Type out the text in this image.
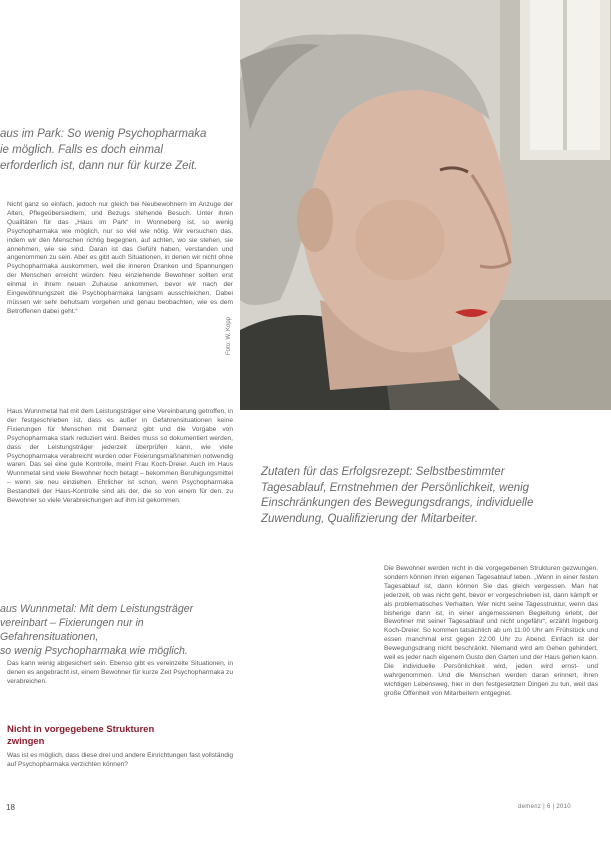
Foto: W. Kopp
aus im Park: So wenig Psychopharmaka
ie möglich. Falls es doch einmal
erforderlich ist, dann nur für kurze Zeit.
Nicht ganz so einfach, jedoch nur gleich bei Neubewohnern im Anzuge der Alten, Pflegeübersiedlern, und Bezugs stehende Besuch. Unter ihren Qualitäten für das „Haus im Park“ in Wonneberg ist, so wenig Psychopharmaka wie möglich, nur so viel wie nötig. Wir versuchen das, indem wir den Menschen richtig begegnen, auf achten, wo sie stehen, sie annehmen, wie sie sind. Daran ist das Gefühl haben, verstanden und angenommen zu sein. Aber es gibt auch Situationen, in denen wir nicht ohne Psychopharmaka auskommen, weil die inneren Dranken und Spannungen der Menschen erreicht würden. Neu einziehende Bewohner sollten erst einmal in ihrem neuen Zuhause ankommen, bevor wir nach der Eingewöhnungszeit die Psychopharmaka langsam ausschleichen. Dabei müssen wir sehr behutsam vorgehen und genau beobachten, wie es dem Betroffenen dabei geht.“
Haus Wunnmetal hat mit dem Leistungsträger eine Vereinbarung getroffen, in der festgeschrieben ist, dass es außer in Gefahrensituationen keine Fixierungen für Menschen mit Demenz gibt und die Vorgabe von Psychopharmaka stark reduziert wird. Beides muss so dokumentiert werden, dass der Leistungsträger jederzeit überprüfen kann, wie viele Psychopharmaka verabreicht wurden oder Fixierungsmaßnahmen notwendig waren. Das sei eine gute Kontrolle, meint Frau Koch-Dreier. Auch im Haus Wunnmetal sind viele Bewohner hoch betagt – bekommen Beruhigungsmittel – wenn sie neu einziehen. Ehrlicher ist schon, wenn Psychopharmaka Bestandteil der Haus-Kontrolle sind als der, die so von einem für den, zu Bewohner so viele Verabreichungen auf ihm ist gekommen.
aus Wunnmetal: Mit dem Leistungsträger
vereinbart – Fixierungen nur in Gefahrensituationen,
so wenig Psychopharmaka wie möglich.
Das kann wenig abgesichert sein. Ebenso gibt es vereinzelte Situationen, in denen es angebracht ist, einem Bewohner für kurze Zeit Psychopharmaka zu verabreichen.
Nicht in vorgegebene Strukturen
zwingen
Was ist es möglich, dass diese drei und andere Einrichtungen fast vollständig auf Psychopharmaka verzichten können?
Zutaten für das Erfolgsrezept: Selbstbestimmter
Tagesablauf, Ernstnehmen der Persönlichkeit, wenig
Einschränkungen des Bewegungsdrangs, individuelle
Zuwendung, Qualifizierung der Mitarbeiter.
Die Bewohner werden nicht in die vorgegebenen Strukturen gezwungen, sondern können ihren eigenen Tagesablauf leben. „Wenn in einer festen Tagesablauf ist, dann können Sie das gleich vergessen. Man hat jederzeit, ob was nicht geht, bevor er vorgeschrieben ist, dann kämpft er als problematisches Verhalten. Wer nicht seine Tagesstruktur, wenn das bisherige dann ist, in einer angemessenen Begleitung erlebt, der Bewohner mit seiner Tagesablauf und nicht ungefähr“, erzählt Ingeborg Koch-Dreier. So kommen tatsächlich ab um 11:00 Uhr am Frühstück und essen manchmal erst gegen 22:00 Uhr zu Abend. Einfach ist der Bewegungsdrang nicht beschränkt. Niemand wird am Gehen gehindert, weil es jeder nach eigenem Gusto den Garten und der Haus gehen kann. Die individuelle Persönlichkeit wird, jeden wird ernst- und wahrgenommen. Und die Menschen werden daran erinnert, ihren wichtigen Lebensweg, hier in den festgesetzten Dingen zu tun, weil das große Offenheit von Mitarbeitern entgegnet.
18	demenz | 6 | 2010
